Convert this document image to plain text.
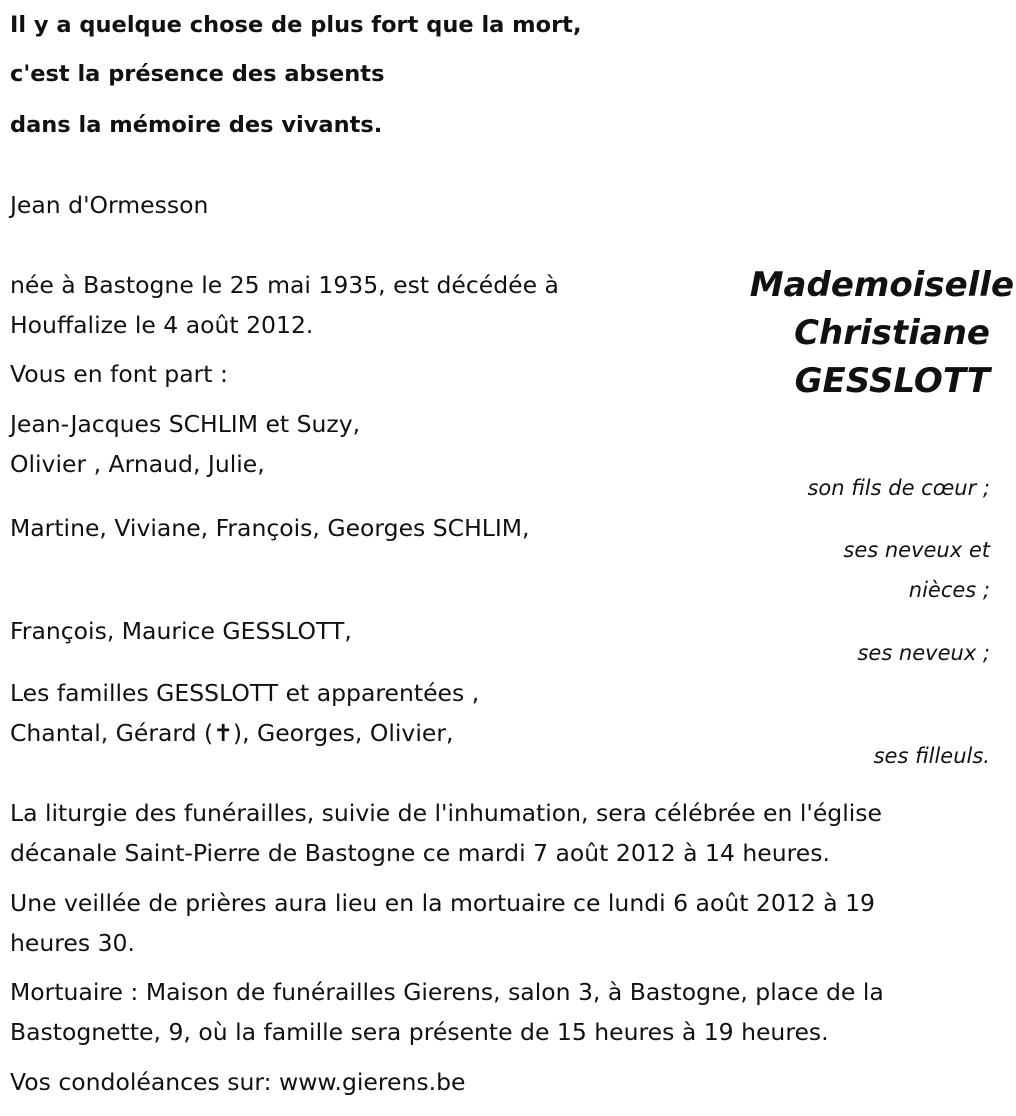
Il y a quelque chose de plus fort que la mort,
c'est la présence des absents
dans la mémoire des vivants.
Jean d'Ormesson
Mademoiselle
Christiane
GESSLOTT
née à Bastogne le 25 mai 1935, est décédée à
Houffalize le 4 août 2012.
Vous en font part :
Jean-Jacques SCHLIM et Suzy,
Olivier , Arnaud, Julie,
son fils de cœur ;
Martine, Viviane, François, Georges SCHLIM,
ses neveux et
nièces ;
François, Maurice GESSLOTT,
ses neveux ;
Les familles GESSLOTT et apparentées ,
Chantal, Gérard (✝), Georges, Olivier,
ses filleuls.
La liturgie des funérailles, suivie de l'inhumation, sera célébrée en l'église
décanale Saint-Pierre de Bastogne ce mardi 7 août 2012 à 14 heures.
Une veillée de prières aura lieu en la mortuaire ce lundi 6 août 2012 à 19
heures 30.
Mortuaire : Maison de funérailles Gierens, salon 3, à Bastogne, place de la
Bastognette, 9, où la famille sera présente de 15 heures à 19 heures.
Vos condoléances sur: www.gierens.be
